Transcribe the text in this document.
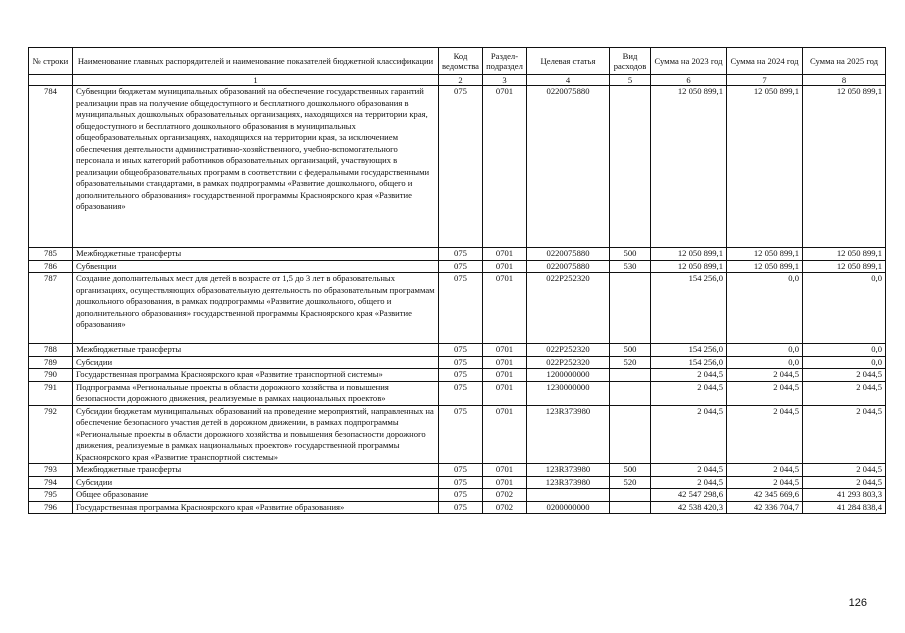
№ строки	Наименование главных распорядителей и наименование показателей бюджетной классификации	Код ведомства	Раздел-подраздел	Целевая статья	Вид расходов	Сумма на 2023 год	Сумма на 2024 год	Сумма на 2025 год
	1	2	3	4	5	6	7	8
784	Субвенции бюджетам муниципальных образований на обеспечение государственных гарантий реализации прав на получение общедоступного и бесплатного дошкольного образования в муниципальных дошкольных образовательных организациях, находящихся на территории края, общедоступного и бесплатного дошкольного образования в муниципальных общеобразовательных организациях, находящихся на территории края, за исключением обеспечения деятельности административно-хозяйственного, учебно-вспомогательного персонала и иных категорий работников образовательных организаций, участвующих в реализации общеобразовательных программ в соответствии с федеральными государственными образовательными стандартами, в рамках подпрограммы «Развитие дошкольного, общего и дополнительного образования» государственной программы Красноярского края «Развитие образования»	075	0701	0220075880		12 050 899,1	12 050 899,1	12 050 899,1
785	Межбюджетные трансферты	075	0701	0220075880	500	12 050 899,1	12 050 899,1	12 050 899,1
786	Субвенции	075	0701	0220075880	530	12 050 899,1	12 050 899,1	12 050 899,1
787	Создание дополнительных мест для детей в возрасте от 1,5 до 3 лет в образовательных организациях, осуществляющих образовательную деятельность по образовательным программам дошкольного образования, в рамках подпрограммы «Развитие дошкольного, общего и дополнительного образования» государственной программы Красноярского края «Развитие образования»	075	0701	022P252320		154 256,0	0,0	0,0
788	Межбюджетные трансферты	075	0701	022P252320	500	154 256,0	0,0	0,0
789	Субсидии	075	0701	022P252320	520	154 256,0	0,0	0,0
790	Государственная программа Красноярского края «Развитие транспортной системы»	075	0701	1200000000		2 044,5	2 044,5	2 044,5
791	Подпрограмма «Региональные проекты в области дорожного хозяйства и повышения безопасности дорожного движения, реализуемые в рамках национальных проектов»	075	0701	1230000000		2 044,5	2 044,5	2 044,5
792	Субсидии бюджетам муниципальных образований на проведение мероприятий, направленных на обеспечение безопасного участия детей в дорожном движении, в рамках подпрограммы «Региональные проекты в области дорожного хозяйства и повышения безопасности дорожного движения, реализуемые в рамках национальных проектов» государственной программы Красноярского края «Развитие транспортной системы»	075	0701	123R373980		2 044,5	2 044,5	2 044,5
793	Межбюджетные трансферты	075	0701	123R373980	500	2 044,5	2 044,5	2 044,5
794	Субсидии	075	0701	123R373980	520	2 044,5	2 044,5	2 044,5
795	Общее образование	075	0702			42 547 298,6	42 345 669,6	41 293 803,3
796	Государственная программа Красноярского края «Развитие образования»	075	0702	0200000000		42 538 420,3	42 336 704,7	41 284 838,4
126
